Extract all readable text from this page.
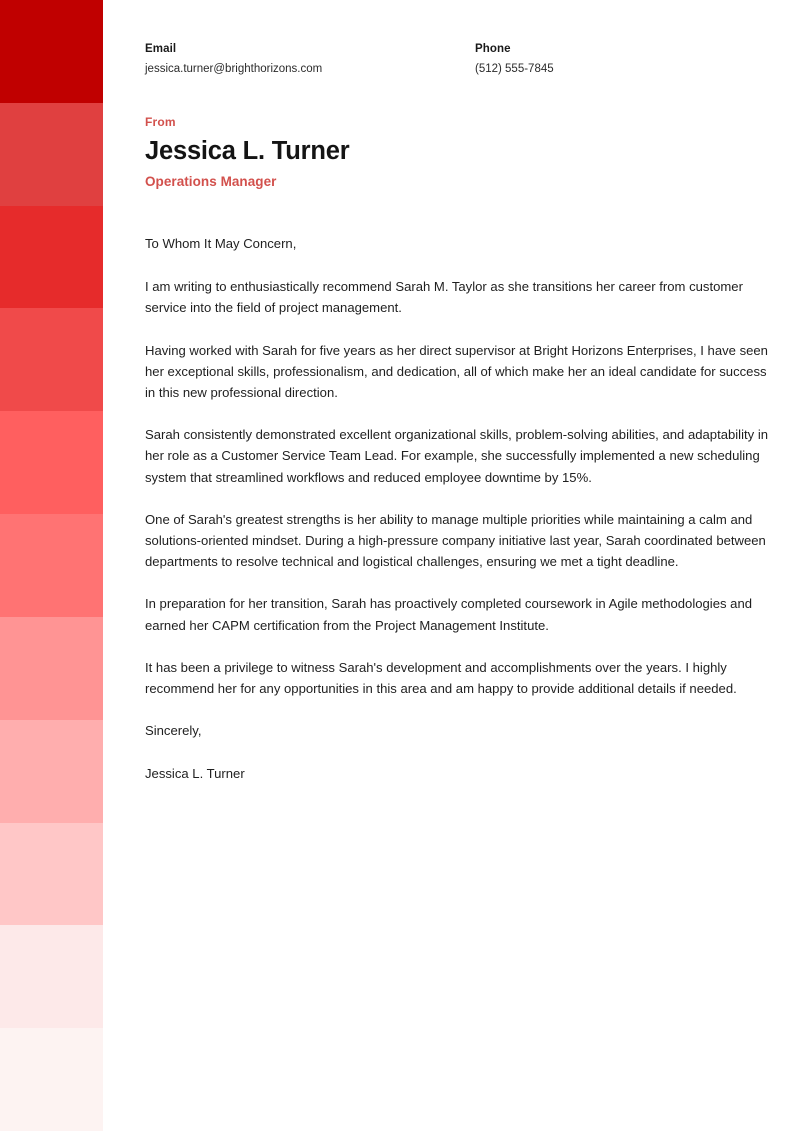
Email
jessica.turner@brighthorizons.com
Phone
(512) 555-7845
From
Jessica L. Turner
Operations Manager

To Whom It May Concern,

I am writing to enthusiastically recommend Sarah M. Taylor as she transitions her career from customer service into the field of project management.

Having worked with Sarah for five years as her direct supervisor at Bright Horizons Enterprises, I have seen her exceptional skills, professionalism, and dedication, all of which make her an ideal candidate for success in this new professional direction.

Sarah consistently demonstrated excellent organizational skills, problem-solving abilities, and adaptability in her role as a Customer Service Team Lead. For example, she successfully implemented a new scheduling system that streamlined workflows and reduced employee downtime by 15%.

One of Sarah's greatest strengths is her ability to manage multiple priorities while maintaining a calm and solutions-oriented mindset. During a high-pressure company initiative last year, Sarah coordinated between departments to resolve technical and logistical challenges, ensuring we met a tight deadline.

In preparation for her transition, Sarah has proactively completed coursework in Agile methodologies and earned her CAPM certification from the Project Management Institute.

It has been a privilege to witness Sarah's development and accomplishments over the years. I highly recommend her for any opportunities in this area and am happy to provide additional details if needed.

Sincerely,

Jessica L. Turner
